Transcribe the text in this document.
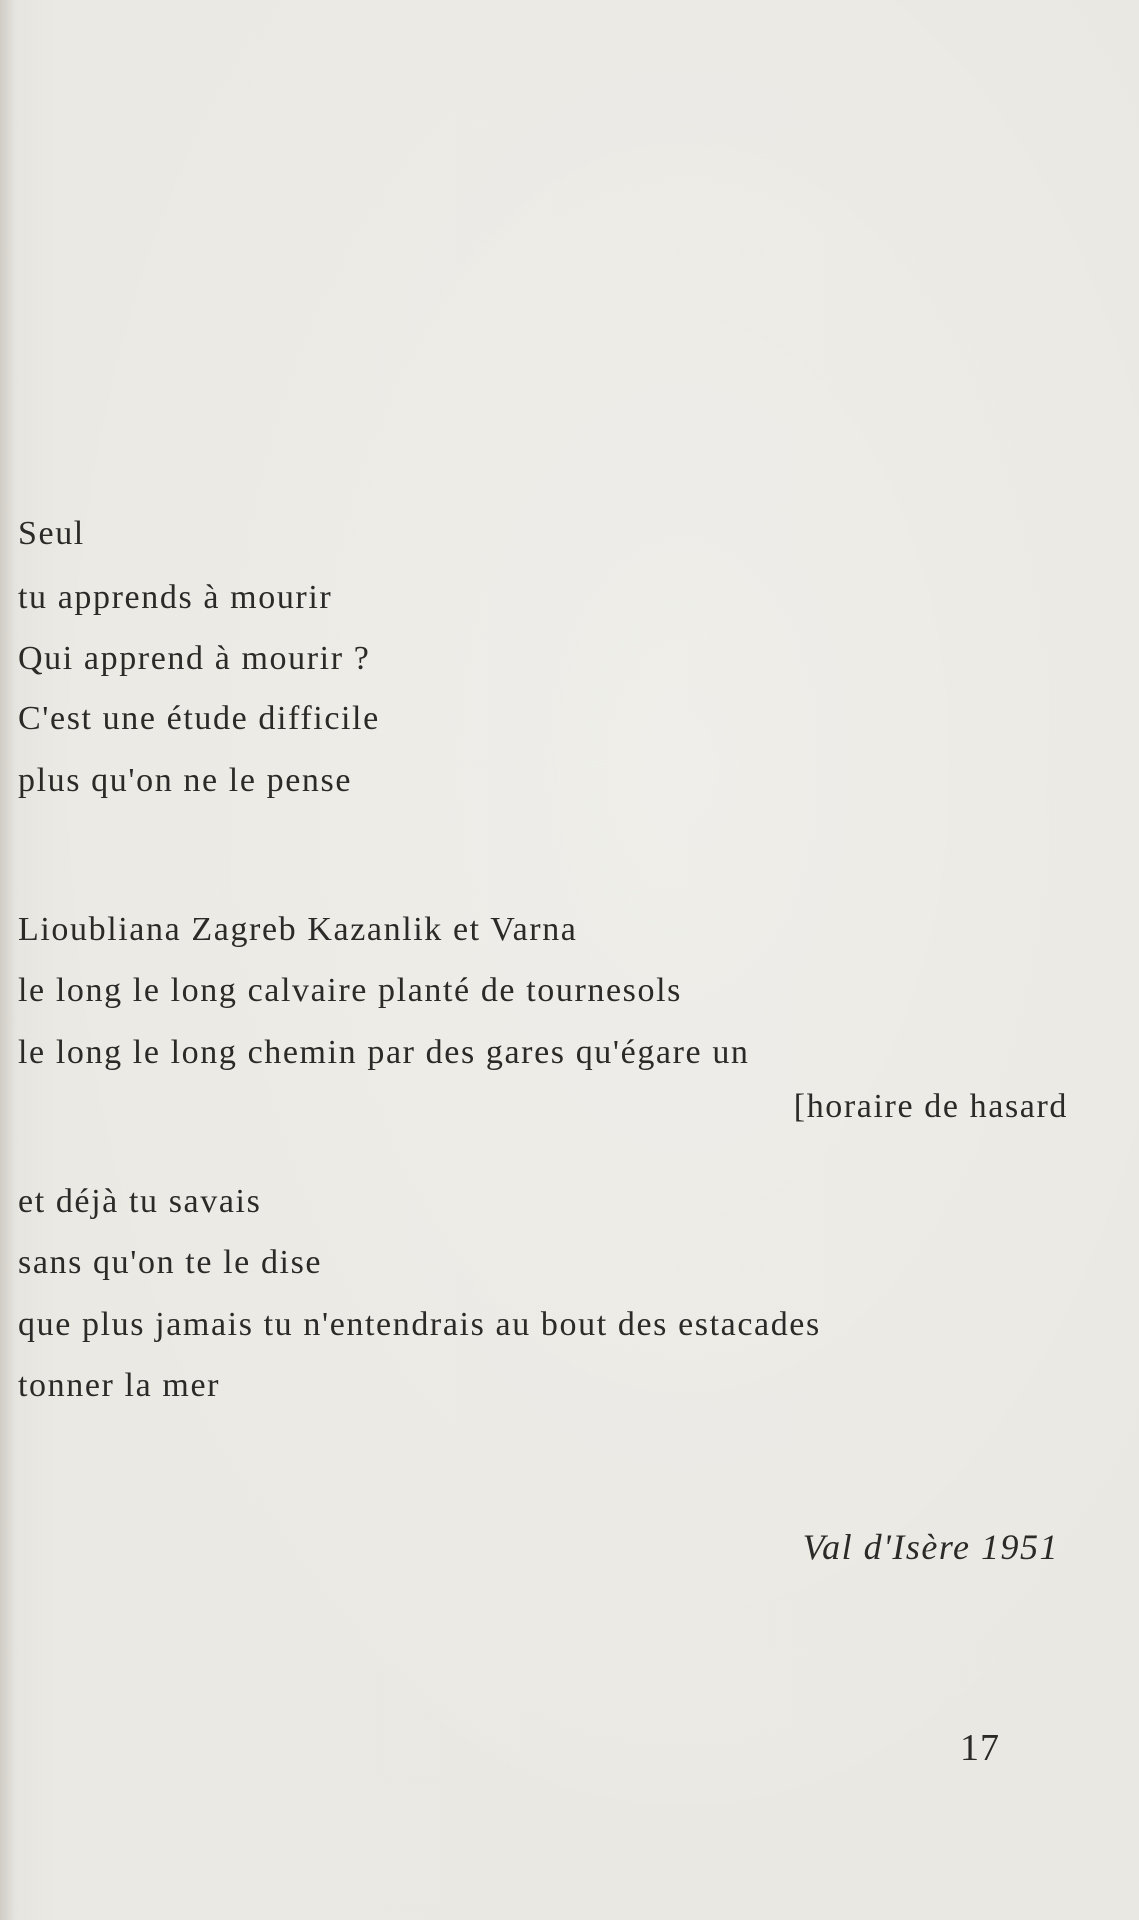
Seul
tu apprends à mourir
Qui apprend à mourir ?
C'est une étude difficile
plus qu'on ne le pense
Lioubliana Zagreb Kazanlik et Varna
le long le long calvaire planté de tournesols
le long le long chemin par des gares qu'égare un
[horaire de hasard
et déjà tu savais
sans qu'on te le dise
que plus jamais tu n'entendrais au bout des estacades
tonner la mer
Val d'Isère 1951
17
